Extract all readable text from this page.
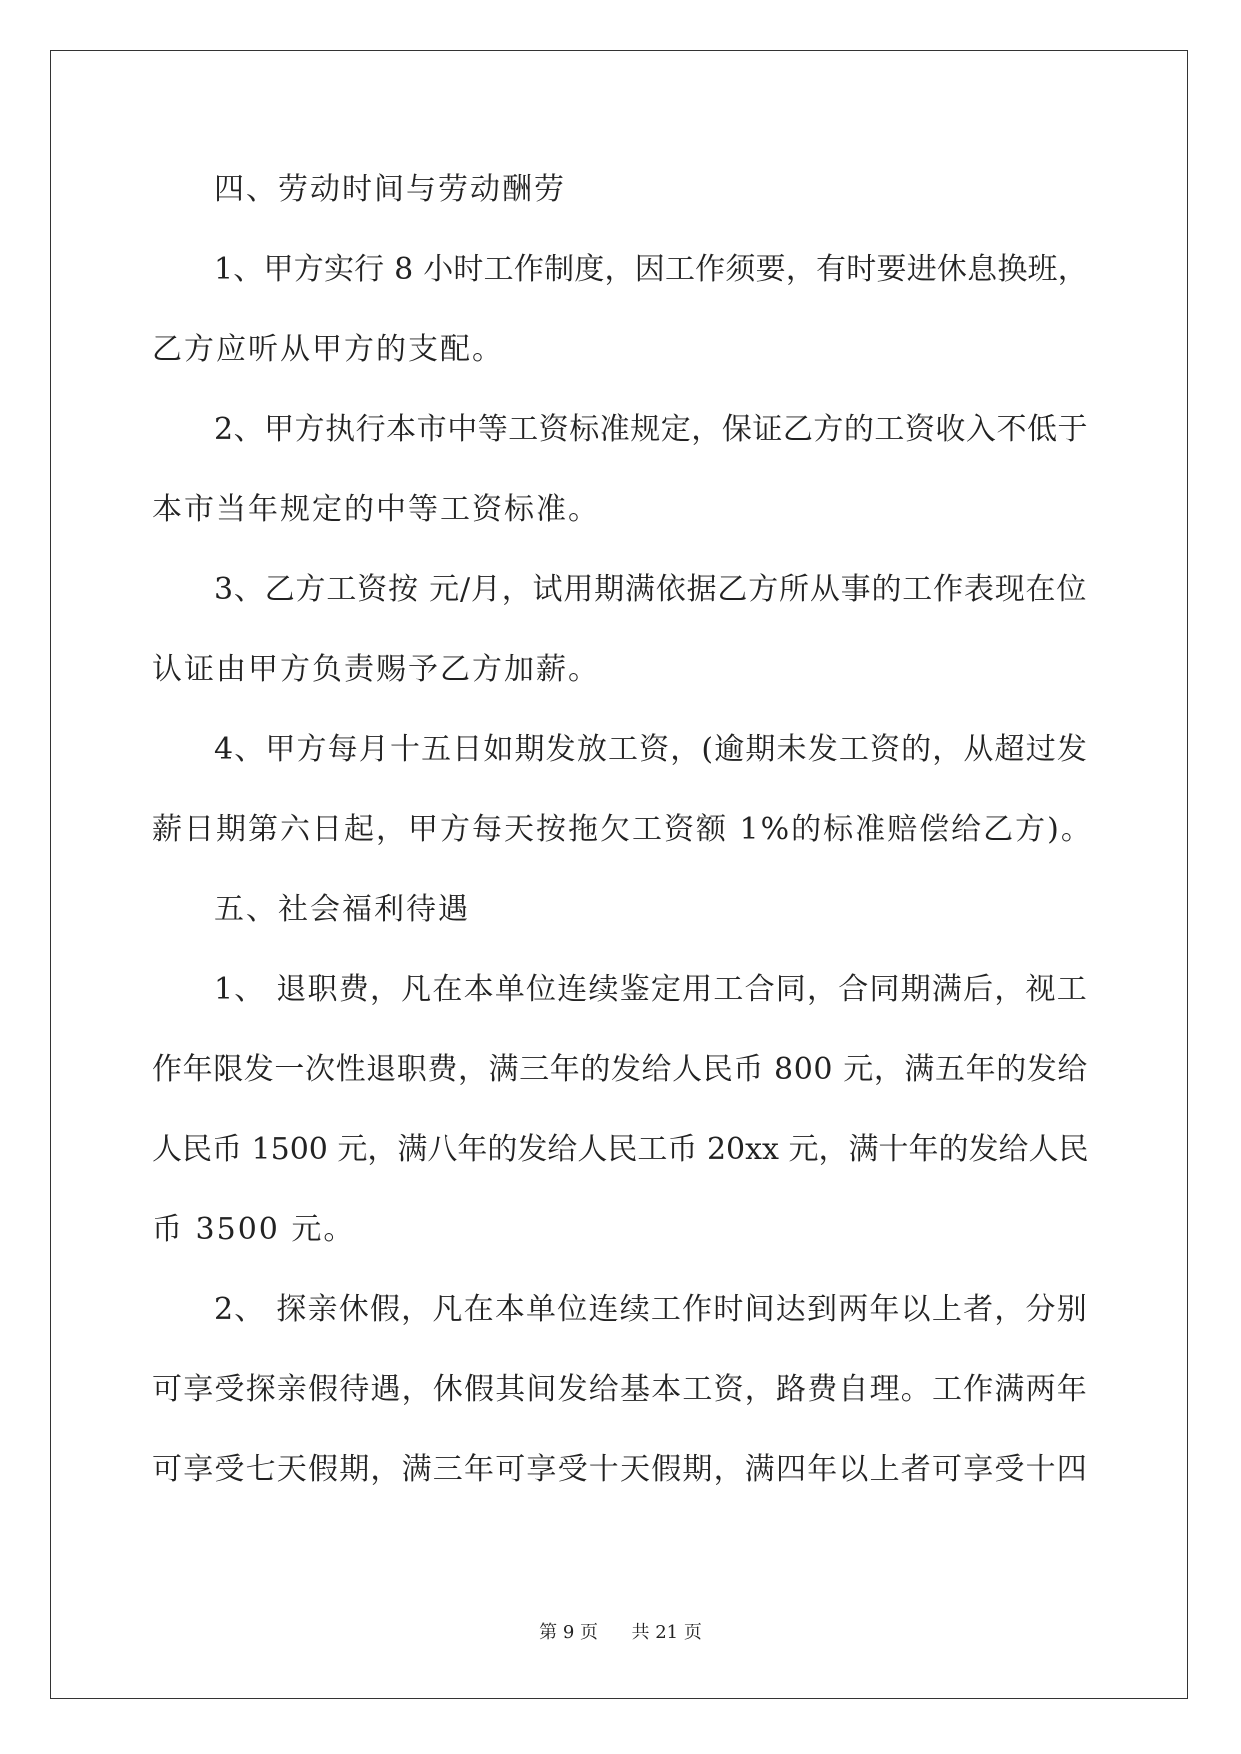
四、劳动时间与劳动酬劳
1、甲方实行 8 小时工作制度，因工作须要，有时要进休息换班，
乙方应听从甲方的支配。
2、甲方执行本市中等工资标准规定，保证乙方的工资收入不低于
本市当年规定的中等工资标准。
3、乙方工资按 元/月，试用期满依据乙方所从事的工作表现在位
认证由甲方负责赐予乙方加薪。
4、甲方每月十五日如期发放工资，(逾期未发工资的，从超过发
薪日期第六日起，甲方每天按拖欠工资额 1%的标准赔偿给乙方)。
五、社会福利待遇
1、 退职费，凡在本单位连续鉴定用工合同，合同期满后，视工
作年限发一次性退职费，满三年的发给人民币 800 元，满五年的发给
人民币 1500 元，满八年的发给人民工币 20xx 元，满十年的发给人民
币 3500 元。
2、 探亲休假，凡在本单位连续工作时间达到两年以上者，分别
可享受探亲假待遇，休假其间发给基本工资，路费自理。工作满两年
可享受七天假期，满三年可享受十天假期，满四年以上者可享受十四
第 9 页 共 21 页
